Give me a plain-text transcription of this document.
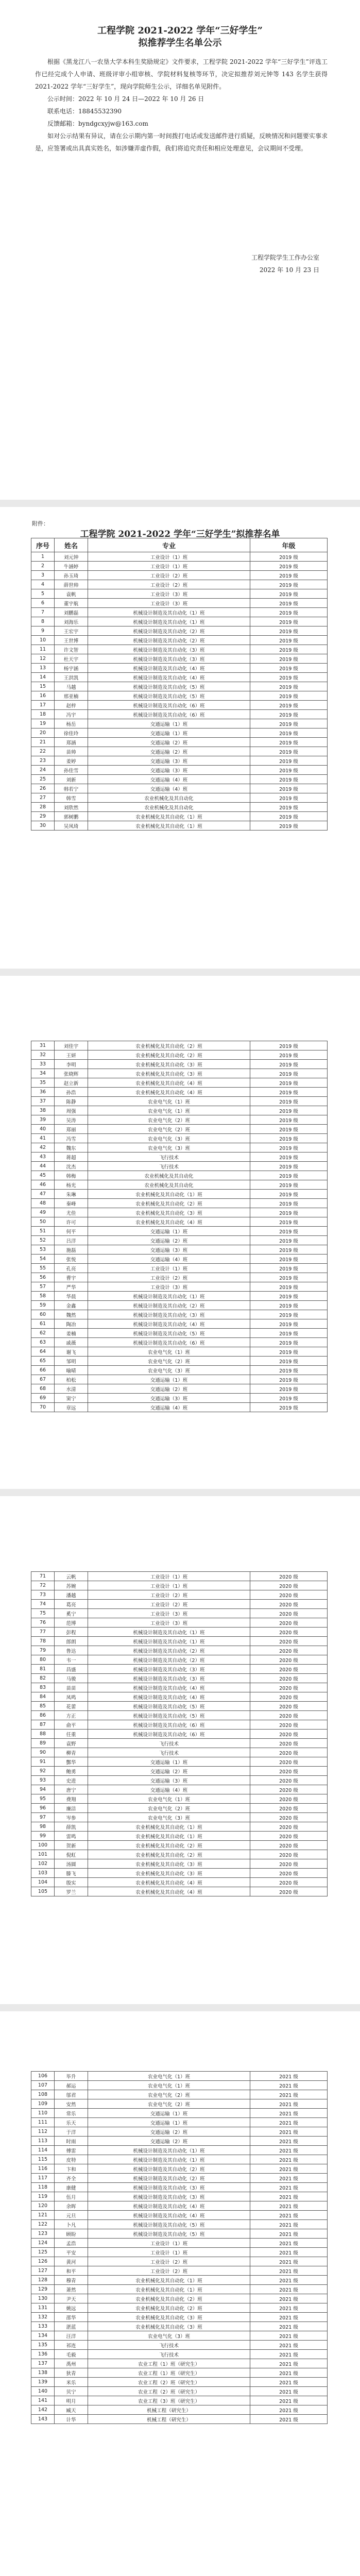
工程学院 2021-2022 学年“三好学生”
拟推荐学生名单公示

根据《黑龙江八一农垦大学本科生奖励规定》文件要求，工程学院 2021-2022 学年“三好学生”评选工作已经完成个人申请、班级评审小组审核、学院材料复核等环节，决定拟推荐刘元钟等 143 名学生获得 2021-2022 学年“三好学生”，现向学院师生公示，详细名单见附件。

公示时间：2022 年 10 月 24 日—2022 年 10 月 26 日

联系电话：18845532390

反馈邮箱：byndgcxyjw@163.com

如对公示结果有异议，请在公示期内第一时间拨打电话或发送邮件进行质疑，反映情况和问题要实事求是，应签署或出具真实姓名，如涉嫌弄虚作假，我们将追究责任和相应处理意见，会议期间不受理。

工程学院学生工作办公室
2022 年 10 月 23 日
附件：
工程学院 2021-2022 学年“三好学生”拟推荐名单
序号	姓名	专业	年级
1	刘元钟	工业设计（1）班	2019 级
2	牛涵婷	工业设计（1）班	2019 级
3	孙玉琦	工业设计（2）班	2019 级
4	薛世帅	工业设计（2）班	2019 级
5	袁帆	工业设计（3）班	2019 级
6	董宇航	工业设计（3）班	2019 级
7	刘鹏磊	机械设计制造及其自动化（1）班	2019 级
8	刘海乐	机械设计制造及其自动化（1）班	2019 级
9	王宏宇	机械设计制造及其自动化（2）班	2019 级
10	王世博	机械设计制造及其自动化（2）班	2019 级
11	许文智	机械设计制造及其自动化（3）班	2019 级
12	杜天宇	机械设计制造及其自动化（3）班	2019 级
13	杨宇涵	机械设计制造及其自动化（4）班	2019 级
14	王洪凯	机械设计制造及其自动化（4）班	2019 级
15	马越	机械设计制造及其自动化（5）班	2019 级
16	邢亚楠	机械设计制造及其自动化（5）班	2019 级
17	赵梓	机械设计制造及其自动化（6）班	2019 级
18	冯宇	机械设计制造及其自动化（6）班	2019 级
19	杨岳	交通运输（1）班	2019 级
20	徐佳玲	交通运输（1）班	2019 级
21	郑涵	交通运输（2）班	2019 级
22	苗帅	交通运输（2）班	2019 级
23	姜婷	交通运输（3）班	2019 级
24	孙佳雪	交通运输（3）班	2019 级
25	刘新	交通运输（4）班	2019 级
26	韩若宁	交通运输（4）班	2019 级
27	韩雪	农业机械化及其自动化	2019 级
28	刘欣然	农业机械化及其自动化	2019 级
29	郭树鹏	农业机械化及其自动化（1）班	2019 级
30	吴凤琦	农业机械化及其自动化（1）班	2019 级
31	刘佳宇	农业机械化及其自动化（2）班	2019 级
32	王妍	农业机械化及其自动化（2）班	2019 级
33	李明	农业机械化及其自动化（3）班	2019 级
34	张晓辉	农业机械化及其自动化（3）班	2019 级
35	赵立新	农业机械化及其自动化（4）班	2019 级
36	孙浩	农业机械化及其自动化（4）班	2019 级
37	陈静	农业电气化（1）班	2019 级
38	周强	农业电气化（1）班	2019 级
39	吴涛	农业电气化（2）班	2019 级
40	郑丽	农业电气化（2）班	2019 级
41	冯雪	农业电气化（3）班	2019 级
42	魏东	农业电气化（3）班	2019 级
43	蒋超	飞行技术	2019 级
44	沈杰	飞行技术	2019 级
45	韩梅	农业机械化及其自动化	2019 级
46	杨光	农业机械化及其自动化	2019 级
47	朱琳	农业机械化及其自动化（1）班	2019 级
48	秦峰	农业机械化及其自动化（2）班	2019 级
49	尤佳	农业机械化及其自动化（3）班	2019 级
50	许可	农业机械化及其自动化（4）班	2019 级
51	何平	交通运输（1）班	2019 级
52	吕洋	交通运输（2）班	2019 级
53	施磊	交通运输（3）班	2019 级
54	张悦	交通运输（4）班	2019 级
55	孔亮	工业设计（1）班	2019 级
56	曹宇	工业设计（2）班	2019 级
57	严华	工业设计（3）班	2019 级
58	华晨	机械设计制造及其自动化（1）班	2019 级
59	金鑫	机械设计制造及其自动化（2）班	2019 级
60	魏然	机械设计制造及其自动化（3）班	2019 级
61	陶冶	机械设计制造及其自动化（4）班	2019 级
62	姜楠	机械设计制造及其自动化（5）班	2019 级
63	戚薇	机械设计制造及其自动化（6）班	2019 级
64	谢飞	农业电气化（1）班	2019 级
65	邹明	农业电气化（2）班	2019 级
66	喻晴	农业电气化（3）班	2019 级
67	柏松	交通运输（1）班	2019 级
68	水清	交通运输（2）班	2019 级
69	窦宁	交通运输（3）班	2019 级
70	章远	交通运输（4）班	2019 级
71	云帆	工业设计（1）班	2020 级
72	苏婉	工业设计（1）班	2020 级
73	潘越	工业设计（2）班	2020 级
74	葛亮	工业设计（2）班	2020 级
75	奚宁	工业设计（3）班	2020 级
76	范博	工业设计（3）班	2020 级
77	彭程	机械设计制造及其自动化（1）班	2020 级
78	郎朗	机械设计制造及其自动化（1）班	2020 级
79	鲁达	机械设计制造及其自动化（2）班	2020 级
80	韦一	机械设计制造及其自动化（2）班	2020 级
81	昌盛	机械设计制造及其自动化（3）班	2020 级
82	马骏	机械设计制造及其自动化（3）班	2020 级
83	苗苗	机械设计制造及其自动化（4）班	2020 级
84	凤鸣	机械设计制造及其自动化（4）班	2020 级
85	花蕾	机械设计制造及其自动化（5）班	2020 级
86	方正	机械设计制造及其自动化（5）班	2020 级
87	俞平	机械设计制造及其自动化（6）班	2020 级
88	任重	机械设计制造及其自动化（6）班	2020 级
89	袁野	飞行技术	2020 级
90	柳青	飞行技术	2020 级
91	酆华	交通运输（1）班	2020 级
92	鲍勇	交通运输（2）班	2020 级
93	史进	交通运输（3）班	2020 级
94	唐宁	交通运输（4）班	2020 级
95	费翔	农业电气化（1）班	2020 级
96	廉洁	农业电气化（2）班	2020 级
97	岑参	农业电气化（3）班	2020 级
98	薛凯	农业机械化及其自动化（1）班	2020 级
99	雷鸣	农业机械化及其自动化（1）班	2020 级
100	贺新	农业机械化及其自动化（2）班	2020 级
101	倪虹	农业机械化及其自动化（2）班	2020 级
102	汤圆	农业机械化及其自动化（3）班	2020 级
103	滕飞	农业机械化及其自动化（3）班	2020 级
104	殷实	农业机械化及其自动化（4）班	2020 级
105	罗兰	农业机械化及其自动化（4）班	2020 级
106	毕升	农业电气化（1）班	2021 级
107	郝运	农业电气化（1）班	2021 级
108	邬君	农业电气化（2）班	2021 级
109	安然	农业电气化（2）班	2021 级
110	常乐	交通运输（1）班	2021 级
111	乐天	交通运输（1）班	2021 级
112	于洋	交通运输（2）班	2021 级
113	时雨	交通运输（2）班	2021 级
114	傅雷	机械设计制造及其自动化（1）班	2021 级
115	皮特	机械设计制造及其自动化（1）班	2021 级
116	卞和	机械设计制造及其自动化（2）班	2021 级
117	齐全	机械设计制造及其自动化（2）班	2021 级
118	康健	机械设计制造及其自动化（3）班	2021 级
119	伍月	机械设计制造及其自动化（3）班	2021 级
120	余晖	机械设计制造及其自动化（4）班	2021 级
121	元旦	机械设计制造及其自动化（4）班	2021 级
122	卜凡	机械设计制造及其自动化（5）班	2021 级
123	顾盼	机械设计制造及其自动化（5）班	2021 级
124	孟浩	工业设计（1）班	2021 级
125	平安	工业设计（1）班	2021 级
126	黄河	工业设计（2）班	2021 级
127	和平	工业设计（2）班	2021 级
128	穆青	农业机械化及其自动化（1）班	2021 级
129	萧然	农业机械化及其自动化（1）班	2021 级
130	尹天	农业机械化及其自动化（2）班	2021 级
131	姚远	农业机械化及其自动化（2）班	2021 级
132	邵华	农业机械化及其自动化（3）班	2021 级
133	湛蓝	农业机械化及其自动化（3）班	2021 级
134	汪洋	农业电气化（3）班	2021 级
135	祁连	飞行技术	2021 级
136	毛毅	飞行技术	2021 级
137	禹州	农业工程（1）班（研究生）	2021 级
138	狄青	农业工程（1）班（研究生）	2021 级
139	米乐	农业工程（2）班（研究生）	2021 级
140	贝宁	农业工程（2）班（研究生）	2021 级
141	明月	农业工程（3）班（研究生）	2021 级
142	臧天	机械工程（研究生）	2021 级
143	计华	机械工程（研究生）	2021 级
